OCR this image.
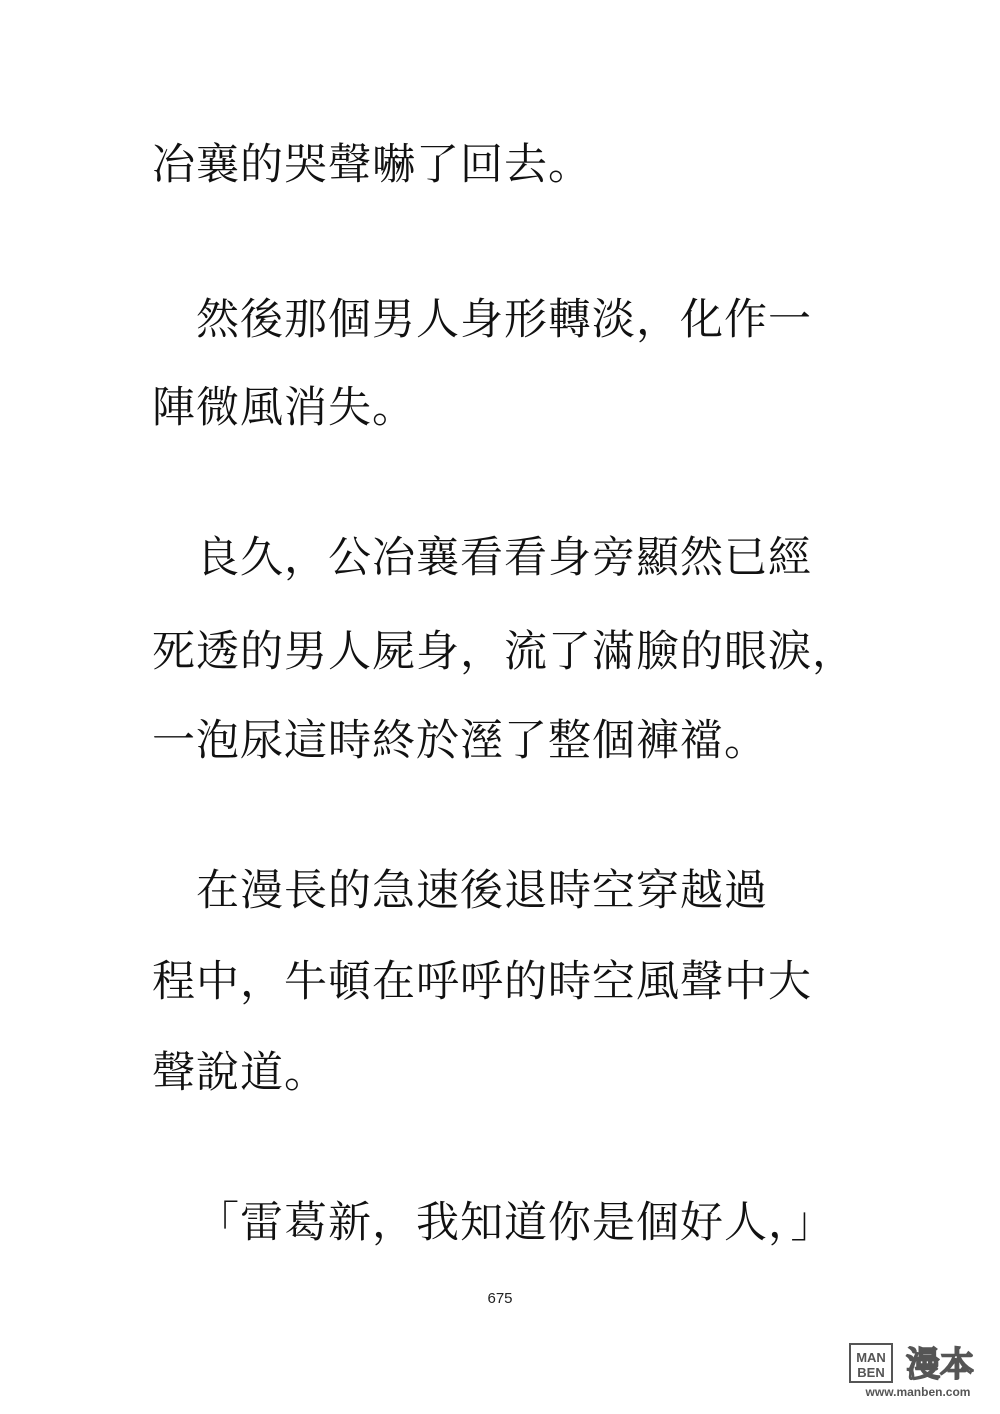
冶襄的哭聲嚇了回去。
然後那個男人身形轉淡，化作一
陣微風消失。
良久，公冶襄看看身旁顯然已經
死透的男人屍身，流了滿臉的眼淚，
一泡尿這時終於溼了整個褲襠。
在漫長的急速後退時空穿越過
程中，牛頓在呼呼的時空風聲中大
聲說道。
「雷葛新，我知道你是個好人，」
675
MAN
BEN 漫本
www.manben.com
